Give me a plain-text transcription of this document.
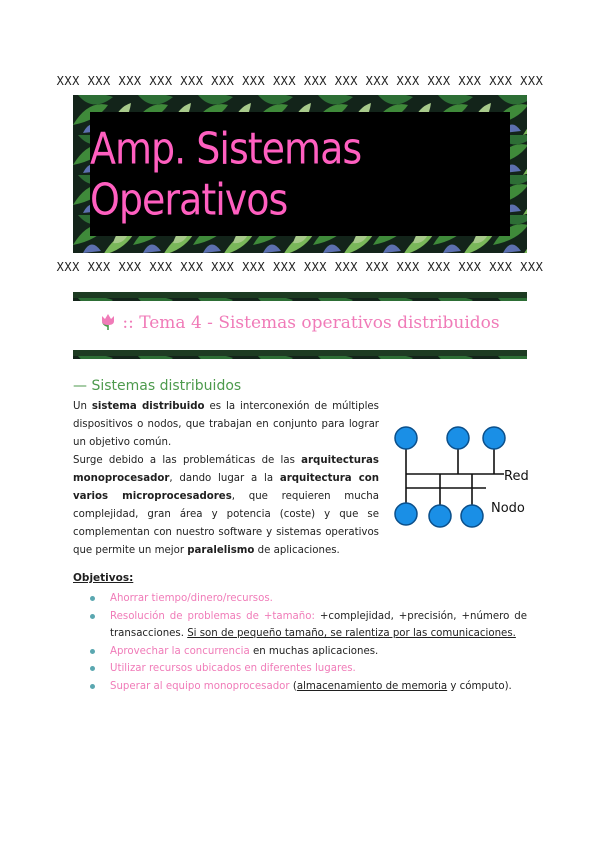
XXX XXX XXX XXX XXX XXX XXX XXX XXX XXX XXX XXX XXX XXX XXX XXX
Amp. Sistemas Operativos
XXX XXX XXX XXX XXX XXX XXX XXX XXX XXX XXX XXX XXX XXX XXX XXX
:: Tema 4 - Sistemas operativos distribuidos
— Sistemas distribuidos
Un sistema distribuido es la interconexión de múltiples dispositivos o nodos, que trabajan en conjunto para lograr un objetivo común.
Surge debido a las problemáticas de las arquitecturas monoprocesador, dando lugar a la arquitectura con varios microprocesadores, que requieren mucha complejidad, gran área y potencia (coste) y que se complementan con nuestro software y sistemas operativos que permite un mejor paralelismo de aplicaciones.
Red
Nodo
Objetivos:
Ahorrar tiempo/dinero/recursos.
Resolución de problemas de +tamaño: +complejidad, +precisión, +número de transacciones. Si son de pequeño tamaño, se ralentiza por las comunicaciones.
Aprovechar la concurrencia en muchas aplicaciones.
Utilizar recursos ubicados en diferentes lugares.
Superar al equipo monoprocesador (almacenamiento de memoria y cómputo).
